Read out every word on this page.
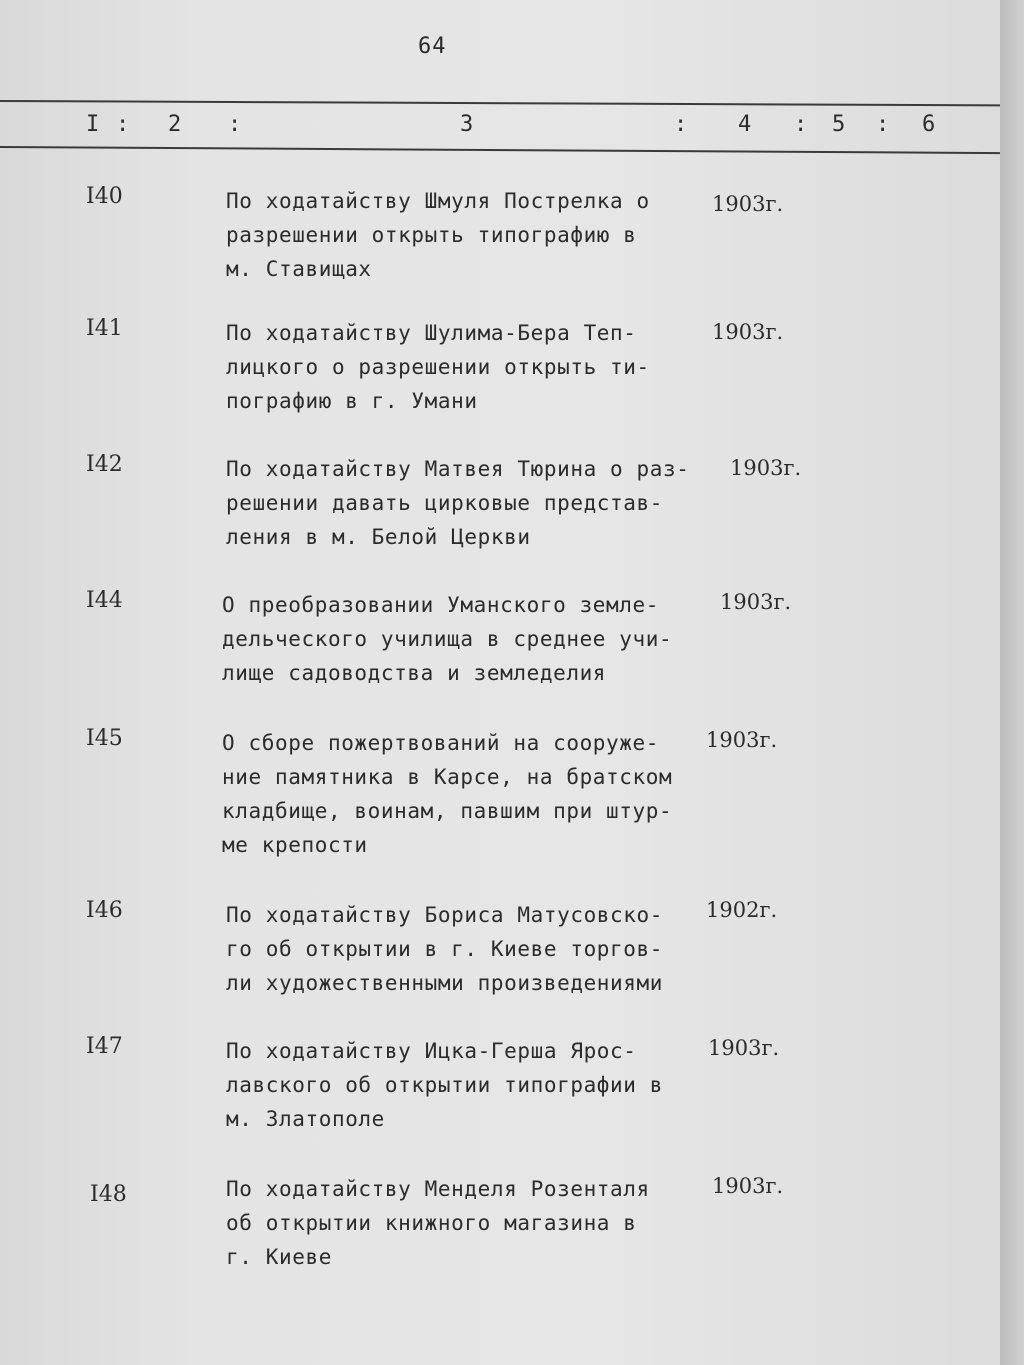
64
I : 2 :	3	: 4 : 5 : 6
I40	По ходатайству Шмуля Пострелка о
разрешении открыть типографию в
м. Ставищах
1903г.
I41	По ходатайству Шулима-Бера Теп-
лицкого о разрешении открыть ти-
пографию в г. Умани
1903г.
I42	По ходатайству Матвея Тюрина о раз-
решении давать цирковые представ-
ления в м. Белой Церкви
1903г.
I44	О преобразовании Уманского земле-
дельческого училища в среднее учи-
лище садоводства и земледелия
1903г.
I45	О сборе пожертвований на сооруже-
ние памятника в Карсе, на братском
кладбище, воинам, павшим при штур-
ме крепости
1903г.
I46	По ходатайству Бориса Матусовско-
го об открытии в г. Киеве торгов-
ли художественными произведениями
1902г.
I47	По ходатайству Ицка-Герша Ярос-
лавского об открытии типографии в
м. Златополе
1903г.
I48	По ходатайству Менделя Розенталя
об открытии книжного магазина в
г. Киеве
1903г.
